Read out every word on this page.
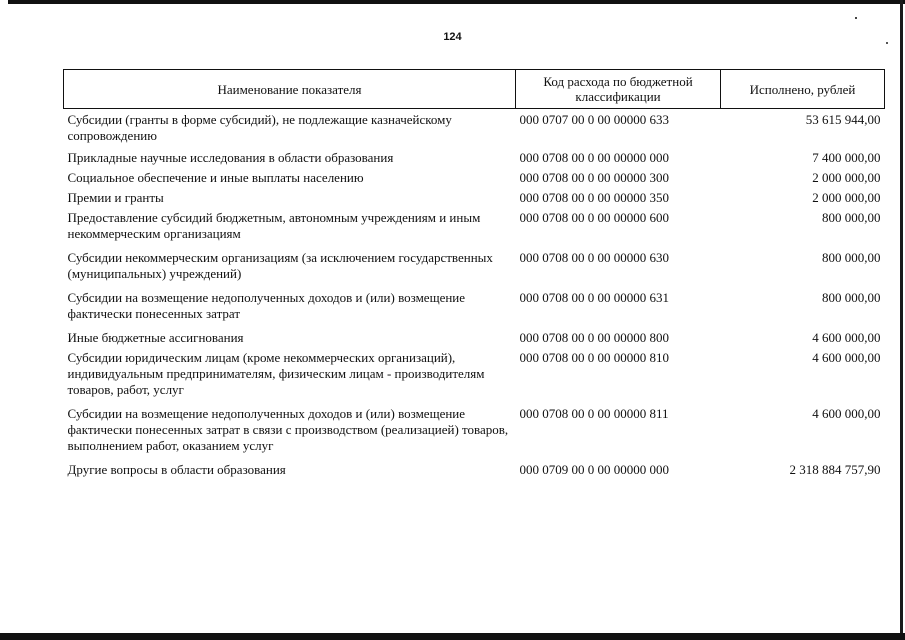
124
Наименование показателя	Код расхода по бюджетной классификации	Исполнено, рублей
Субсидии (гранты в форме субсидий), не подлежащие казначейскому сопровождению	000 0707 00 0 00 00000 633	53 615 944,00
Прикладные научные исследования в области образования	000 0708 00 0 00 00000 000	7 400 000,00
Социальное обеспечение и иные выплаты населению	000 0708 00 0 00 00000 300	2 000 000,00
Премии и гранты	000 0708 00 0 00 00000 350	2 000 000,00
Предоставление субсидий бюджетным, автономным учреждениям и иным некоммерческим организациям	000 0708 00 0 00 00000 600	800 000,00
Субсидии некоммерческим организациям (за исключением государственных (муниципальных) учреждений)	000 0708 00 0 00 00000 630	800 000,00
Субсидии на возмещение недополученных доходов и (или) возмещение фактически понесенных затрат	000 0708 00 0 00 00000 631	800 000,00
Иные бюджетные ассигнования	000 0708 00 0 00 00000 800	4 600 000,00
Субсидии юридическим лицам (кроме некоммерческих организаций), индивидуальным предпринимателям, физическим лицам - производителям товаров, работ, услуг	000 0708 00 0 00 00000 810	4 600 000,00
Субсидии на возмещение недополученных доходов и (или) возмещение фактически понесенных затрат в связи с производством (реализацией) товаров, выполнением работ, оказанием услуг	000 0708 00 0 00 00000 811	4 600 000,00
Другие вопросы в области образования	000 0709 00 0 00 00000 000	2 318 884 757,90
